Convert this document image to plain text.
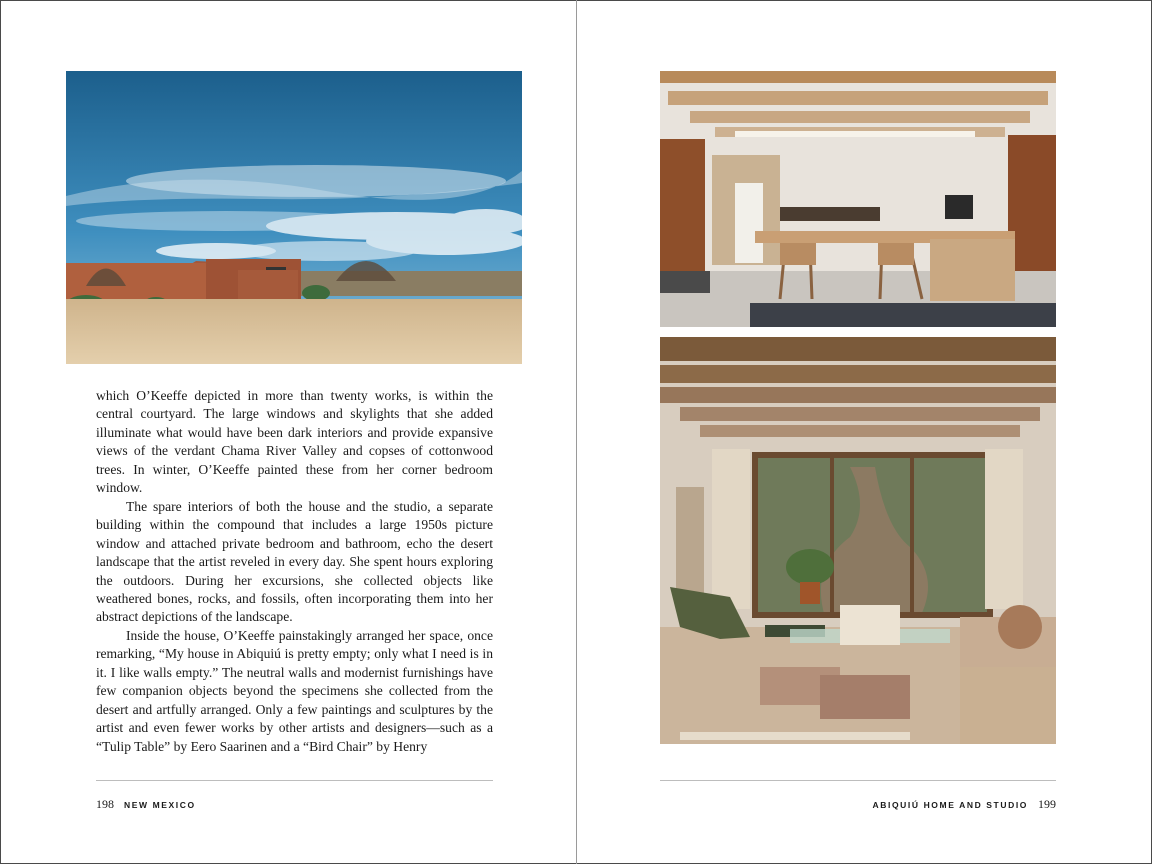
which O’Keeffe depicted in more than twenty works, is within the central courtyard. The large windows and skylights that she added illuminate what would have been dark interiors and provide expansive views of the verdant Chama River Valley and copses of cottonwood trees. In winter, O’Keeffe painted these from her corner bedroom window.

The spare interiors of both the house and the studio, a separate building within the compound that includes a large 1950s picture window and attached private bedroom and bathroom, echo the desert landscape that the artist reveled in every day. She spent hours exploring the outdoors. During her excursions, she collected objects like weathered bones, rocks, and fossils, often incorporating them into her abstract depictions of the landscape.

Inside the house, O’Keeffe painstakingly arranged her space, once remarking, “My house in Abiquiú is pretty empty; only what I need is in it. I like walls empty.” The neutral walls and modernist furnishings have few companion objects beyond the specimens she collected from the desert and artfully arranged. Only a few paintings and sculptures by the artist and even fewer works by other artists and designers—such as a “Tulip Table” by Eero Saarinen and a “Bird Chair” by Henry

198 NEW MEXICO	ABIQUIÚ HOME AND STUDIO 199
